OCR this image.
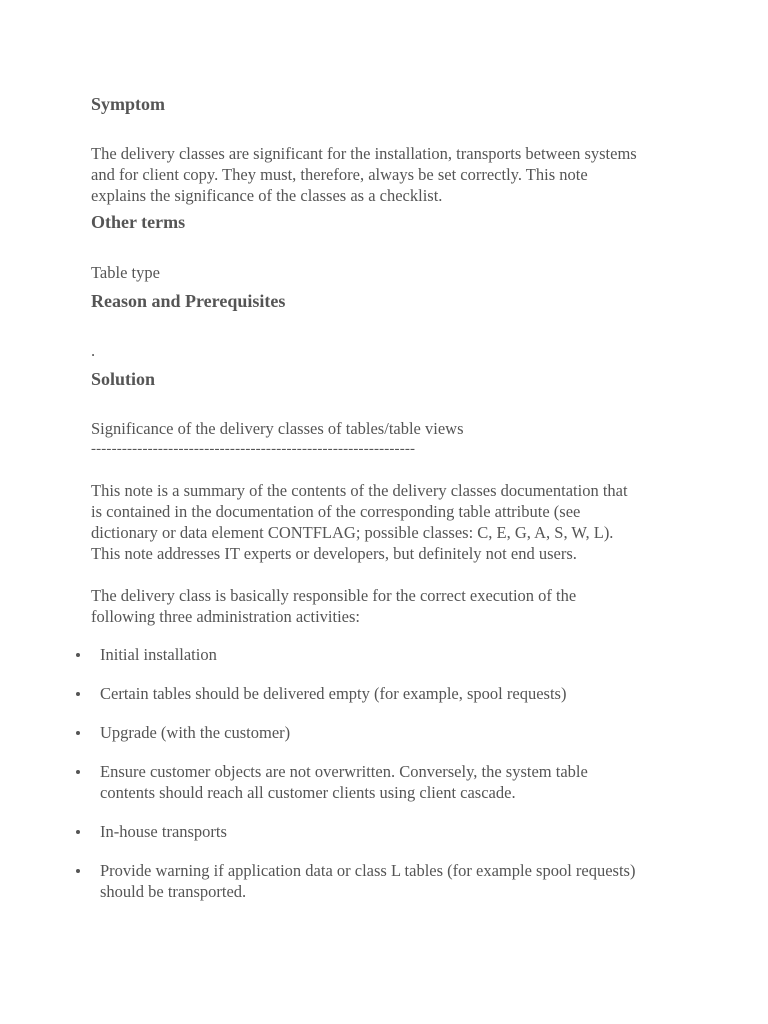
Symptom

The delivery classes are significant for the installation, transports between systems
and for client copy. They must, therefore, always be set correctly. This note
explains the significance of the classes as a checklist.

Other terms

Table type

Reason and Prerequisites

.

Solution

Significance of the delivery classes of tables/table views
---------------------------------------------------------------

This note is a summary of the contents of the delivery classes documentation that
is contained in the documentation of the corresponding table attribute (see
dictionary or data element CONTFLAG; possible classes: C, E, G, A, S, W, L).
This note addresses IT experts or developers, but definitely not end users.

The delivery class is basically responsible for the correct execution of the
following three administration activities:

Initial installation
Certain tables should be delivered empty (for example, spool requests)
Upgrade (with the customer)
Ensure customer objects are not overwritten. Conversely, the system table
contents should reach all customer clients using client cascade.
In-house transports
Provide warning if application data or class L tables (for example spool requests)
should be transported.
